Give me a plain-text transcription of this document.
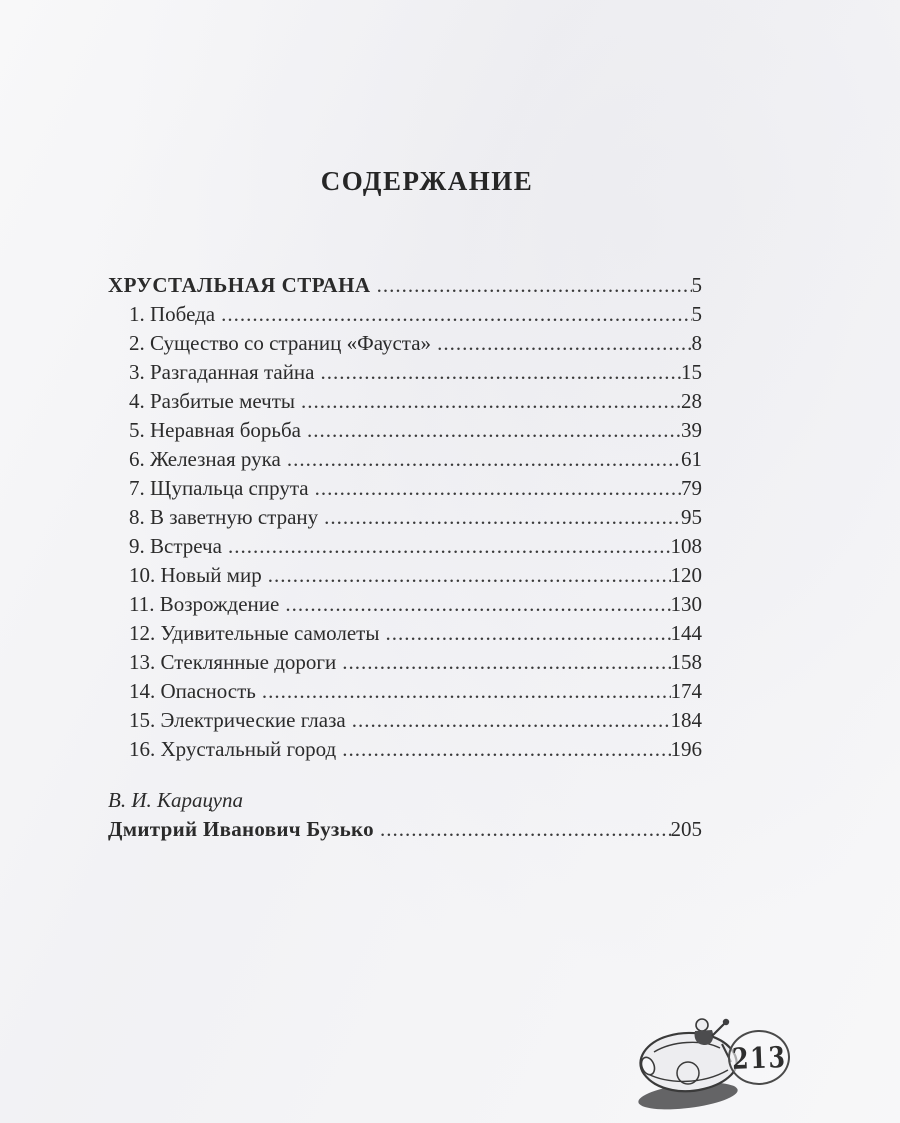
СОДЕРЖАНИЕ
ХРУСТАЛЬНАЯ СТРАНА .....	5
1. Победа .....	5
2. Существо со страниц «Фауста» .....	8
3. Разгаданная тайна .....	15
4. Разбитые мечты .....	28
5. Неравная борьба .....	39
6. Железная рука .....	61
7. Щупальца спрута .....	79
8. В заветную страну .....	95
9. Встреча .....	108
10. Новый мир .....	120
11. Возрождение .....	130
12. Удивительные самолеты .....	144
13. Стеклянные дороги .....	158
14. Опасность .....	174
15. Электрические глаза .....	184
16. Хрустальный город .....	196
В. И. Карацупа
Дмитрий Иванович Бузько .....	205
213
